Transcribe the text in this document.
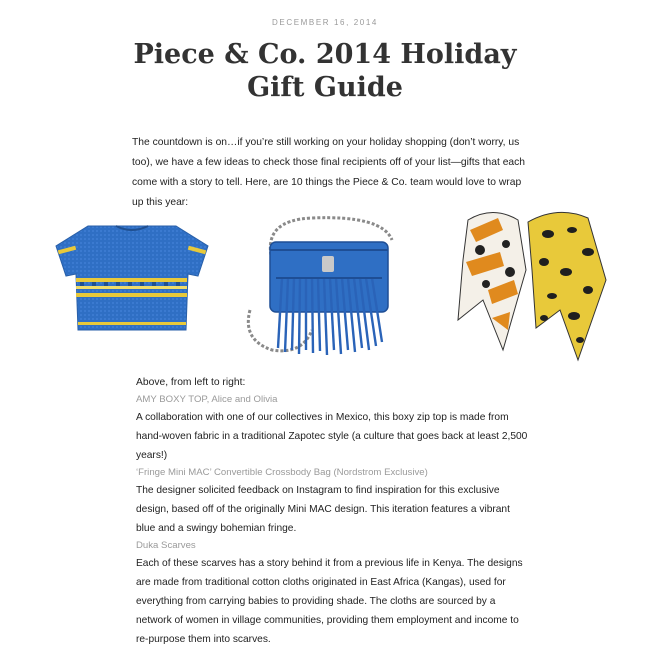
DECEMBER 16, 2014
Piece & Co. 2014 Holiday Gift Guide

The countdown is on…if you’re still working on your holiday shopping (don’t worry, us too), we have a few ideas to check those final recipients off of your list—gifts that each come with a story to tell. Here, are 10 things the Piece & Co. team would love to wrap up this year:

Above, from left to right:

AMY BOXY TOP, Alice and Olivia

A collaboration with one of our collectives in Mexico, this boxy zip top is made from hand-woven fabric in a traditional Zapotec style (a culture that goes back at least 2,500 years!)

‘Fringe Mini MAC’ Convertible Crossbody Bag (Nordstrom Exclusive)

The designer solicited feedback on Instagram to find inspiration for this exclusive design, based off of the originally Mini MAC design. This iteration features a vibrant blue and a swingy bohemian fringe.

Duka Scarves

Each of these scarves has a story behind it from a previous life in Kenya. The designs are made from traditional cotton cloths originated in East Africa (Kangas), used for everything from carrying babies to providing shade. The cloths are sourced by a network of women in village communities, providing them employment and income to re-purpose them into scarves.
